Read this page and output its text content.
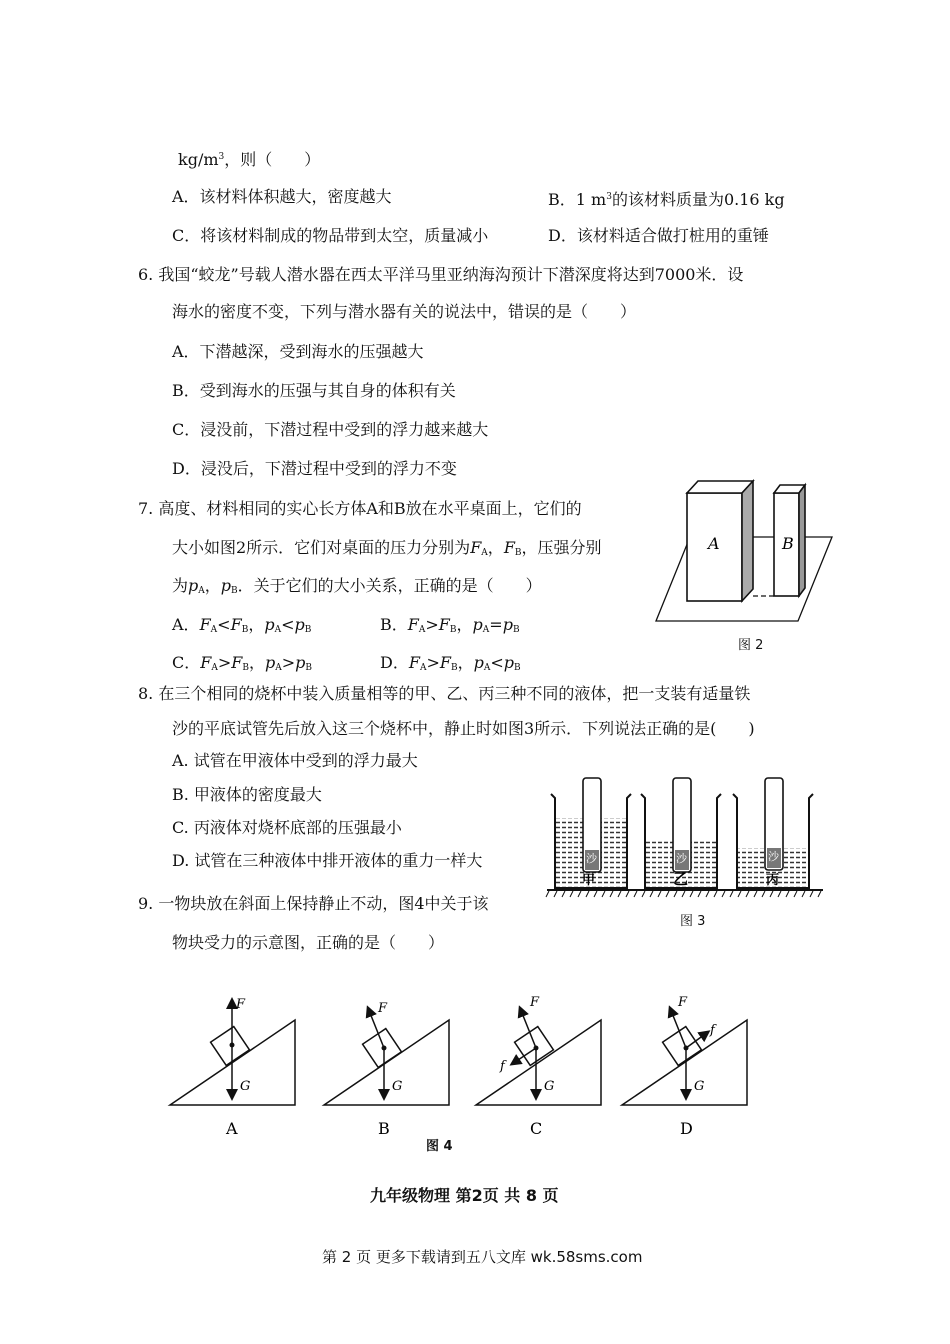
$kg/m^3$，则（　　）
A．该材料体积越大，密度越大	B．1 $m^3$的该材料质量为0.16 kg
C．将该材料制成的物品带到太空，质量减小	D．该材料适合做打桩用的重锤
6. 我国“蛟龙”号载人潜水器在西太平洋马里亚纳海沟预计下潜深度将达到7000米．设
海水的密度不变，下列与潜水器有关的说法中，错误的是（　　）
A．下潜越深，受到海水的压强越大
B．受到海水的压强与其自身的体积有关
C．浸没前，下潜过程中受到的浮力越来越大
D．浸没后，下潜过程中受到的浮力不变
7. 高度、材料相同的实心长方体A和B放在水平桌面上，它们的
大小如图2所示．它们对桌面的压力分别为$F_A$，$F_B$，压强分别
为$p_A$，$p_B$．关于它们的大小关系，正确的是（　　）
A．$F_A<F_B$，$p_A<p_B$	B．$F_A>F_B$，$p_A=p_B$
C．$F_A>F_B$，$p_A>p_B$	D．$F_A>F_B$，$p_A<p_B$
A	B
图 2
8. 在三个相同的烧杯中装入质量相等的甲、乙、丙三种不同的液体，把一支装有适量铁
沙的平底试管先后放入这三个烧杯中，静止时如图3所示．下列说法正确的是(　　)
A. 试管在甲液体中受到的浮力最大
B. 甲液体的密度最大
C. 丙液体对烧杯底部的压强最小
D. 试管在三种液体中排开液体的重力一样大	沙
甲
沙
乙
沙
丙
图 3
9. 一物块放在斜面上保持静止不动，图4中关于该
物块受力的示意图，正确的是（　　）
F
G
F
G
F
G
f
F
G
f
A	B	C	D
图 4
九年级物理 第2页 共 8 页
第 2 页 更多下载请到五八文库 wk.58sms.com
